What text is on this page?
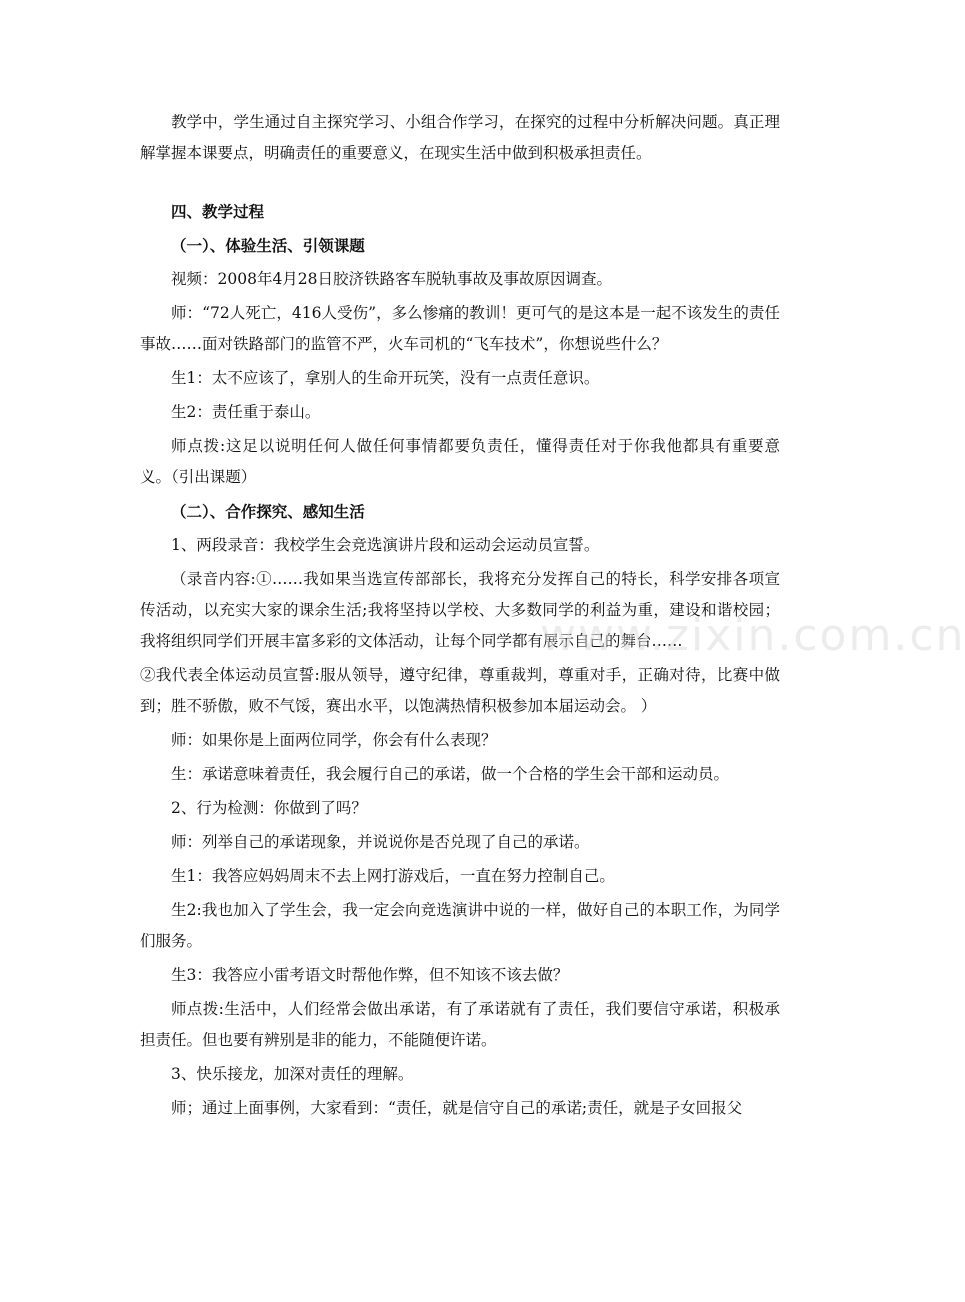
教学中，学生通过自主探究学习、小组合作学习，在探究的过程中分析解决问题。真正理解掌握本课要点，明确责任的重要意义，在现实生活中做到积极承担责任。

四、教学过程

（一）、体验生活、引领课题

视频：2008年4月28日胶济铁路客车脱轨事故及事故原因调查。

师：“72人死亡，416人受伤”，多么惨痛的教训！更可气的是这本是一起不该发生的责任事故……面对铁路部门的监管不严，火车司机的“飞车技术”，你想说些什么？

生1：太不应该了，拿别人的生命开玩笑，没有一点责任意识。

生2：责任重于泰山。

师点拨:这足以说明任何人做任何事情都要负责任，懂得责任对于你我他都具有重要意义。（引出课题）

（二）、合作探究、感知生活

1、两段录音：我校学生会竞选演讲片段和运动会运动员宣誓。

（录音内容:①……我如果当选宣传部部长，我将充分发挥自己的特长，科学安排各项宣传活动，以充实大家的课余生活;我将坚持以学校、大多数同学的利益为重，建设和谐校园；我将组织同学们开展丰富多彩的文体活动，让每个同学都有展示自己的舞台……

②我代表全体运动员宣誓:服从领导，遵守纪律，尊重裁判，尊重对手，正确对待，比赛中做到；胜不骄傲，败不气馁，赛出水平，以饱满热情积极参加本届运动会。 ）

师：如果你是上面两位同学，你会有什么表现？

生：承诺意味着责任，我会履行自己的承诺，做一个合格的学生会干部和运动员。

2、行为检测：你做到了吗？

师：列举自己的承诺现象，并说说你是否兑现了自己的承诺。

生1：我答应妈妈周末不去上网打游戏后，一直在努力控制自己。

生2:我也加入了学生会，我一定会向竞选演讲中说的一样，做好自己的本职工作，为同学们服务。

生3：我答应小雷考语文时帮他作弊，但不知该不该去做？

师点拨:生活中，人们经常会做出承诺，有了承诺就有了责任，我们要信守承诺，积极承担责任。但也要有辨别是非的能力，不能随便许诺。

3、快乐接龙，加深对责任的理解。

师；通过上面事例，大家看到：“责任，就是信守自己的承诺;责任，就是子女回报父

www.zixin.com.cn
